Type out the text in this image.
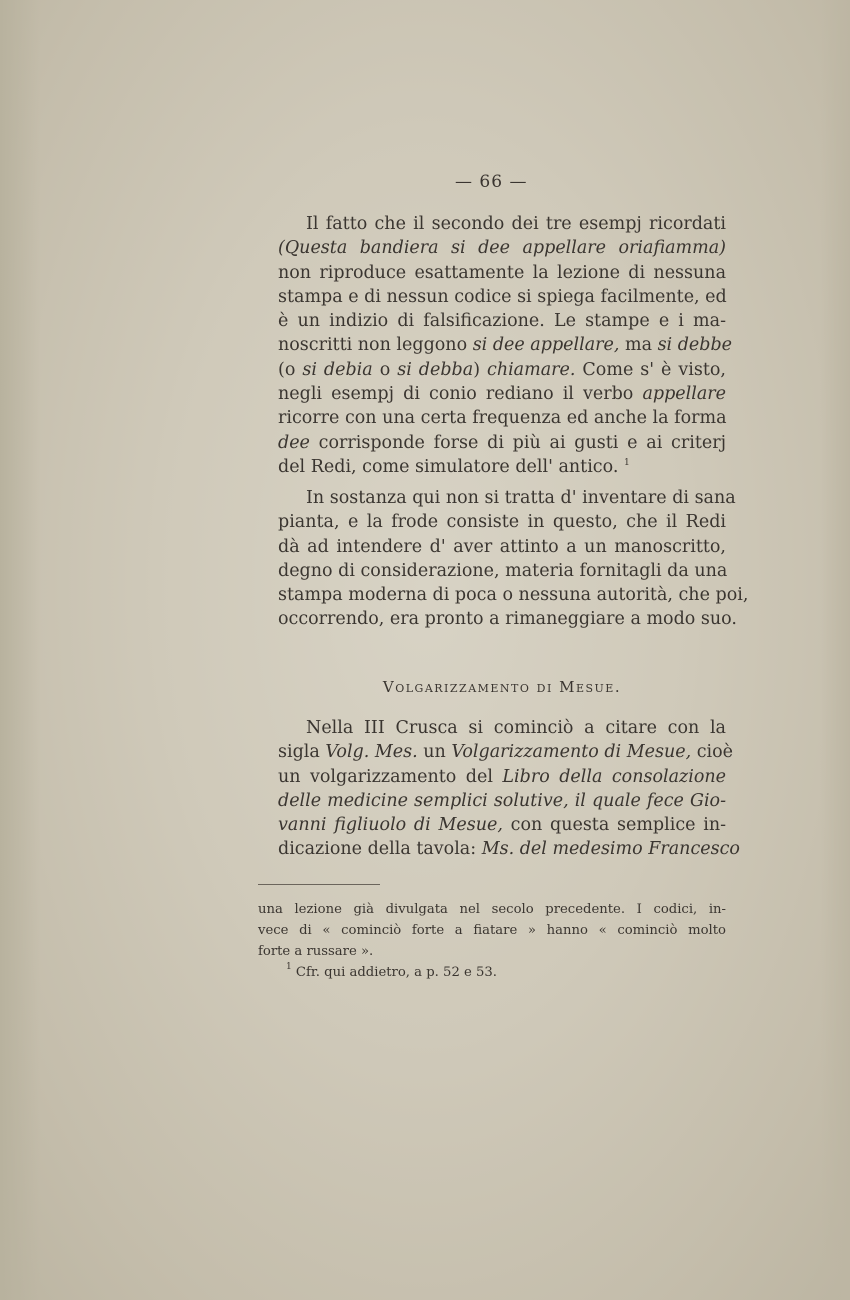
— 66 —
Il fatto che il secondo dei tre esempj ricordati
(Questa bandiera si dee appellare oriafiamma)
non riproduce esattamente la lezione di nessuna
stampa e di nessun codice si spiega facilmente, ed
è un indizio di falsificazione. Le stampe e i ma-
noscritti non leggono si dee appellare, ma si debbe
(o si debia o si debba) chiamare. Come s' è visto,
negli esempj di conio rediano il verbo appellare
ricorre con una certa frequenza ed anche la forma
dee corrisponde forse di più ai gusti e ai criterj
del Redi, come simulatore dell' antico. $^1$
In sostanza qui non si tratta d' inventare di sana
pianta, e la frode consiste in questo, che il Redi
dà ad intendere d' aver attinto a un manoscritto,
degno di considerazione, materia fornitagli da una
stampa moderna di poca o nessuna autorità, che poi,
occorrendo, era pronto a rimaneggiare a modo suo.
Volgarizzamento di Mesue.
Nella III Crusca si cominciò a citare con la
sigla Volg. Mes. un Volgarizzamento di Mesue, cioè
un volgarizzamento del Libro della consolazione
delle medicine semplici solutive, il quale fece Gio-
vanni figliuolo di Mesue, con questa semplice in-
dicazione della tavola: Ms. del medesimo Francesco
una lezione già divulgata nel secolo precedente. I codici, in-
vece di « cominciò forte a fiatare » hanno « cominciò molto
forte a russare ».
$^1$ Cfr. qui addietro, a p. 52 e 53.
